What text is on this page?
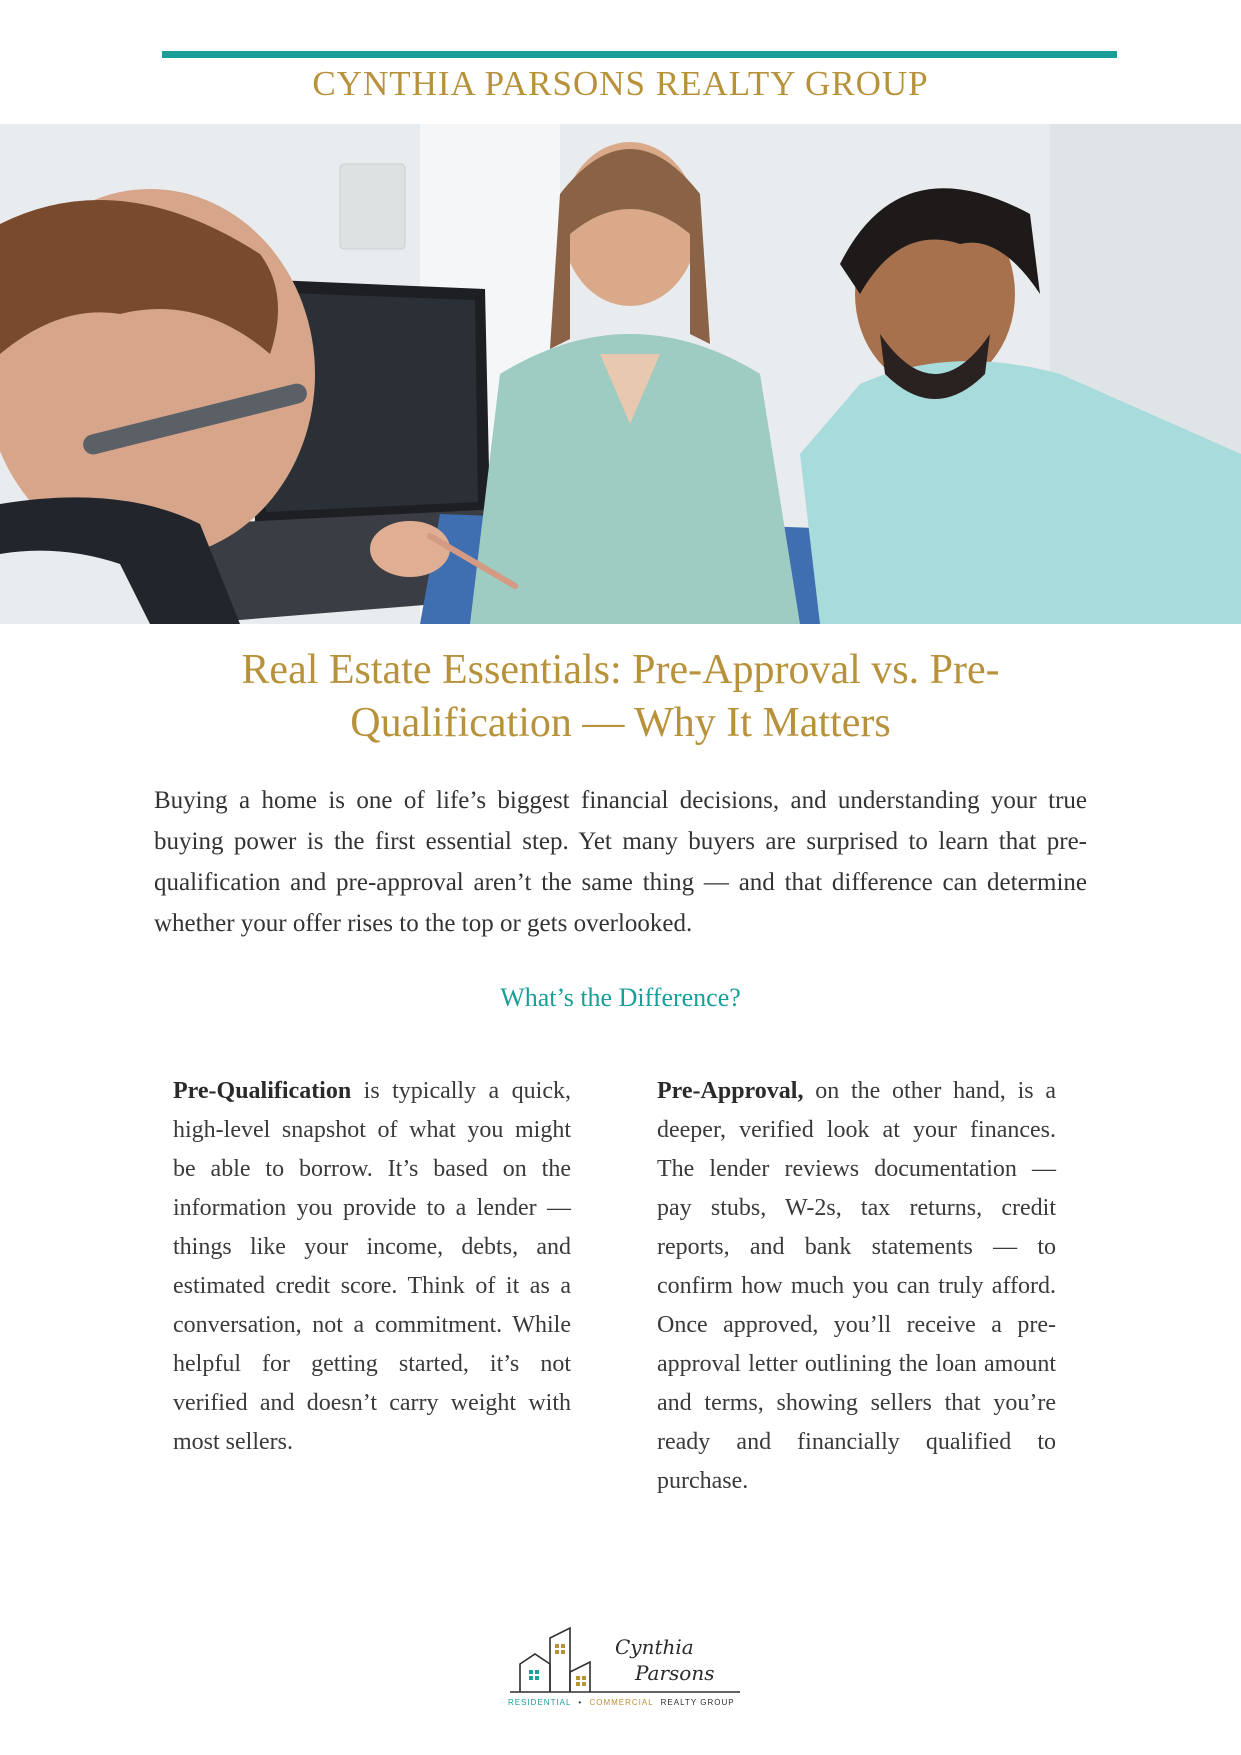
CYNTHIA PARSONS REALTY GROUP
Real Estate Essentials: Pre-Approval vs. Pre-Qualification — Why It Matters
Buying a home is one of life’s biggest financial decisions, and understanding your true buying power is the first essential step. Yet many buyers are surprised to learn that pre-qualification and pre-approval aren’t the same thing — and that difference can determine whether your offer rises to the top or gets overlooked.
What’s the Difference?
Pre-Qualification is typically a quick, high-level snapshot of what you might be able to borrow. It’s based on the information you provide to a lender — things like your income, debts, and estimated credit score. Think of it as a conversation, not a commitment. While helpful for getting started, it’s not verified and doesn’t carry weight with most sellers.
Pre-Approval, on the other hand, is a deeper, verified look at your finances. The lender reviews documentation — pay stubs, W-2s, tax returns, credit reports, and bank statements — to confirm how much you can truly afford. Once approved, you’ll receive a pre-approval letter outlining the loan amount and terms, showing sellers that you’re ready and financially qualified to purchase.
Cynthia
Parsons
RESIDENTIAL • COMMERCIAL REALTY GROUP
